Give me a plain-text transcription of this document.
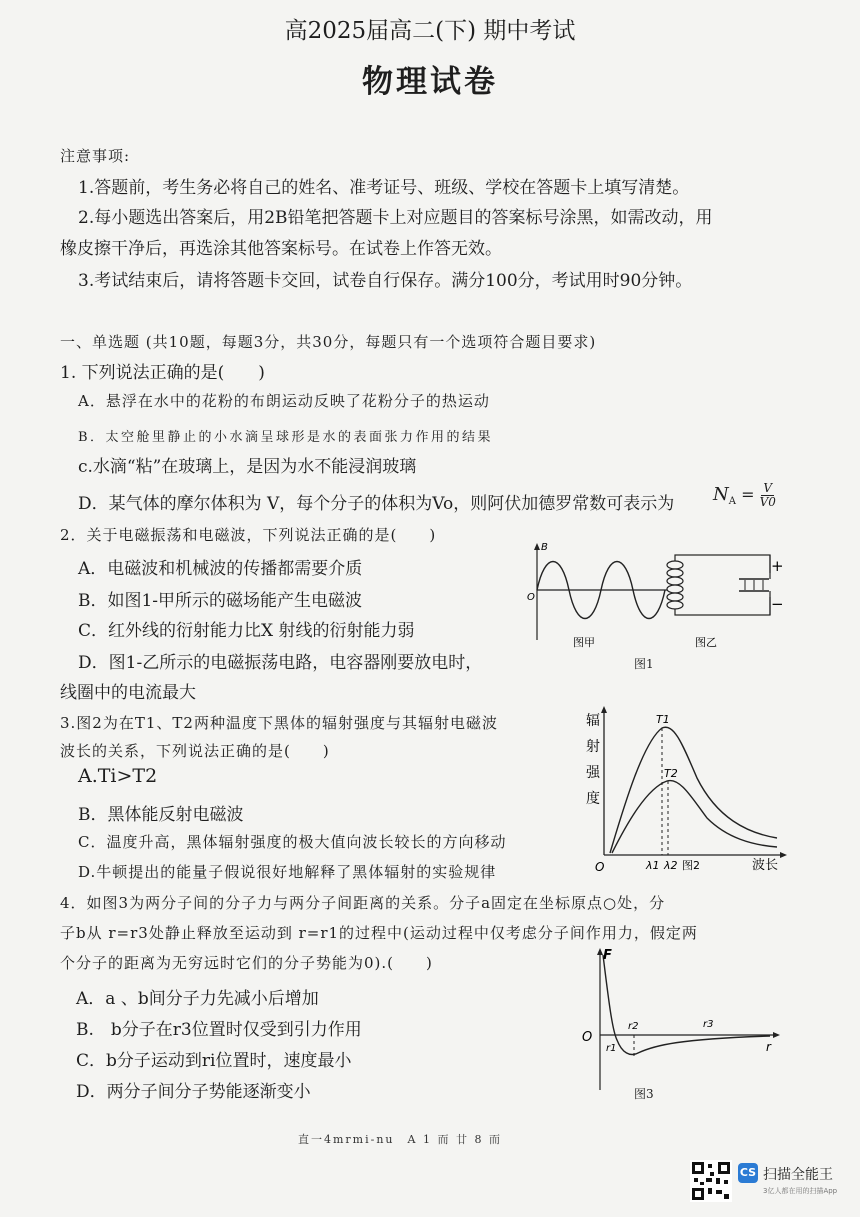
高2025届高二(下) 期中考试
物理试卷
注意事项:
1.答题前，考生务必将自己的姓名、准考证号、班级、学校在答题卡上填写清楚。
2.每小题选出答案后，用2B铅笔把答题卡上对应题目的答案标号涂黑，如需改动，用
橡皮擦干净后，再选涂其他答案标号。在试卷上作答无效。
3.考试结束后，请将答题卡交回，试卷自行保存。满分100分，考试用时90分钟。
一、单选题 (共10题，每题3分，共30分，每题只有一个选项符合题目要求)
1. 下列说法正确的是(　　)
A．悬浮在水中的花粉的布朗运动反映了花粉分子的热运动
B．太空舱里静止的小水滴呈球形是水的表面张力作用的结果
c.水滴“粘”在玻璃上，是因为水不能浸润玻璃
D．某气体的摩尔体积为 V，每个分子的体积为Vo，则阿伏加德罗常数可表示为 $N_A = \frac{V}{V0}$
2．关于电磁振荡和电磁波，下列说法正确的是(　　)
A．电磁波和机械波的传播都需要介质
B．如图1-甲所示的磁场能产生电磁波
C．红外线的衍射能力比X 射线的衍射能力弱
D．图1-乙所示的电磁振荡电路，电容器刚要放电时，
线圈中的电流最大
B
O
图甲
+
−
图乙
图1
3.图2为在T1、T2两种温度下黑体的辐射强度与其辐射电磁波
波长的关系，下列说法正确的是(　　)
A.Ti>T2
B．黑体能反射电磁波
C．温度升高，黑体辐射强度的极大值向波长较长的方向移动
D.牛顿提出的能量子假说很好地解释了黑体辐射的实验规律
辐
射
强
度
T1
T2
λ1 λ2
O	图2	波长
4．如图3为两分子间的分子力与两分子间距离的关系。分子a固定在坐标原点○处，分
子b从 r=r3处静止释放至运动到 r=r1的过程中(运动过程中仅考虑分子间作用力，假定两
个分子的距离为无穷远时它们的分子势能为0).(　　)
A．a 、b间分子力先减小后增加
B.　b分子在r3位置时仅受到引力作用
C．b分子运动到ri位置时，速度最小
D．两分子间分子势能逐渐变小
F
r
O
r1
r2	r3
图3
直一4mrmi-nu　A 1 而 廿 8 而
CS 扫描全能王
3亿人都在用的扫描App
